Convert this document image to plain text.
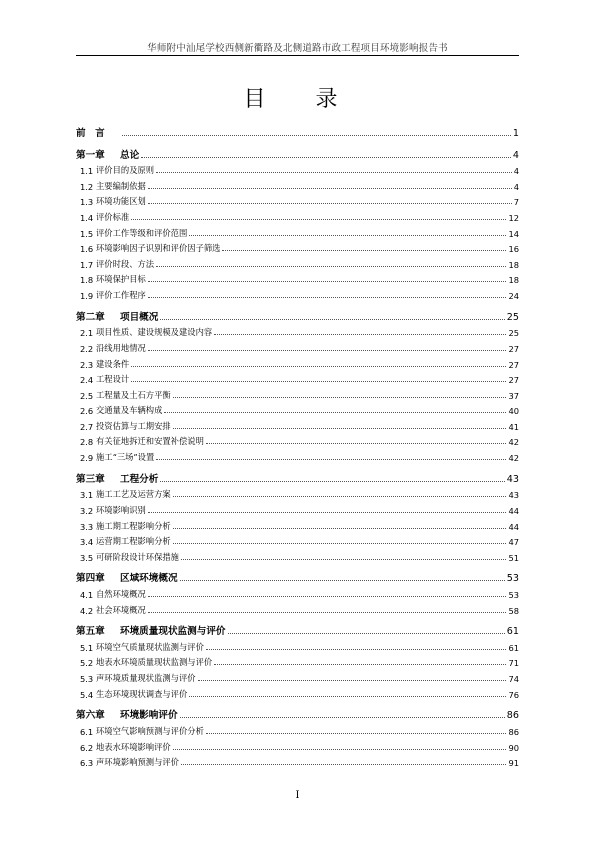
华师附中汕尾学校西侧新衢路及北侧道路市政工程项目环境影响报告书
目　录
前　言	1
第一章	总论	4
1.1 评价目的及原则	4
1.2 主要编制依据	4
1.3 环境功能区划	7
1.4 评价标准	12
1.5 评价工作等级和评价范围	14
1.6 环境影响因子识别和评价因子筛选	16
1.7 评价时段、方法	18
1.8 环境保护目标	18
1.9 评价工作程序	24
第二章	项目概况	25
2.1 项目性质、建设规模及建设内容	25
2.2 沿线用地情况	27
2.3 建设条件	27
2.4 工程设计	27
2.5 工程量及土石方平衡	37
2.6 交通量及车辆构成	40
2.7 投资估算与工期安排	41
2.8 有关征地拆迁和安置补偿说明	42
2.9 施工“三场”设置	42
第三章	工程分析	43
3.1 施工工艺及运营方案	43
3.2 环境影响识别	44
3.3 施工期工程影响分析	44
3.4 运营期工程影响分析	47
3.5 可研阶段设计环保措施	51
第四章	区域环境概况	53
4.1 自然环境概况	53
4.2 社会环境概况	58
第五章	环境质量现状监测与评价	61
5.1 环境空气质量现状监测与评价	61
5.2 地表水环境质量现状监测与评价	71
5.3 声环境质量现状监测与评价	74
5.4 生态环境现状调查与评价	76
第六章	环境影响评价	86
6.1 环境空气影响预测与评价分析	86
6.2 地表水环境影响评价	90
6.3 声环境影响预测与评价	91
I
